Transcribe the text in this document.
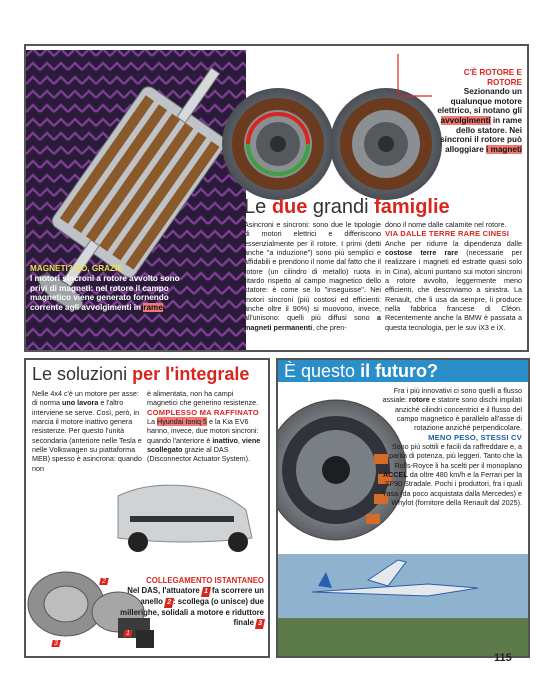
C'È ROTORE E ROTORE
Sezionando un qualunque motore elettrico, si notano gli avvolgimenti in rame dello statore. Nei sincroni il rotore può alloggiare i magneti
MAGNETI? NO, GRAZIE
I motori sincroni a rotore avvolto sono privi di magneti: nel rotore il campo magnetico viene generato fornendo corrente agli avvolgimenti in rame
Le due grandi famiglie
Asincroni e sincroni: sono due le tipologie di motori elettrici e differiscono essenzialmente per il rotore. I primi (detti anche "a induzione") sono più semplici e affidabili e prendono il nome dal fatto che il rotore (un cilindro di metallo) ruota in ritardo rispetto al campo magnetico dello statore: è come se lo "inseguisse". Nei motori sincroni (più costosi ed efficienti: anche oltre il 90%) si muovono, invece, all'unisono: quelli più diffusi sono a magneti permanenti, che pren-
dono il nome dalle calamite nel rotore.
VIA DALLE TERRE RARE CINESI
Anche per ridurre la dipendenza dalle costose terre rare (necessarie per realizzare i magneti ed estratte quasi solo in Cina), alcuni puntano sui motori sincroni a rotore avvolto, leggermente meno efficienti, che descriviamo a sinistra. La Renault, che li usa da sempre, li produce nella fabbrica francese di Cléon. Recentemente anche la BMW è passata a questa tecnologia, per le suv iX3 e iX.
Le soluzioni per l'integrale
Nelle 4x4 c'è un motore per asse: di norma uno lavora e l'altro interviene se serve. Così, però, in marcia il motore inattivo genera resistenze. Per questo l'unità secondaria (anteriore nelle Tesla e nelle Volkswagen su piattaforma MEB) spesso è asincrona: quando non
è alimentata, non ha campi magnetici che generino resistenze.
COMPLESSO MA RAFFINATO
La Hyundai Ioniq 5 e la Kia EV6 hanno, invece, due motori sincroni: quando l'anteriore è inattivo, viene scollegato grazie al DAS (Disconnector Actuator System).
3
2
1
COLLEGAMENTO ISTANTANEO
Nel DAS, l'attuatore 1 fa scorrere un anello 2: scollega (o unisce) due millerighe, solidali a motore e riduttore finale 3
È questo il futuro?
Fra i più innovativi ci sono quelli a flusso assiale: rotore e statore sono dischi impilati anziché cilindri concentrici e il flusso del campo magnetico è parallelo all'asse di rotazione anziché perpendicolare.
MENO PESO, STESSI CV
Sono più sottili e facili da raffreddare e, a parità di potenza, più leggeri. Tanto che la Rolls-Royce li ha scelti per il monoplano ACCEL da oltre 480 km/h e la Ferrari per la SF90 Stradale. Pochi i produttori, fra i quali Yasa (da poco acquistata dalla Mercedes) e Whylot (fornitore della Renault dal 2025).
115
